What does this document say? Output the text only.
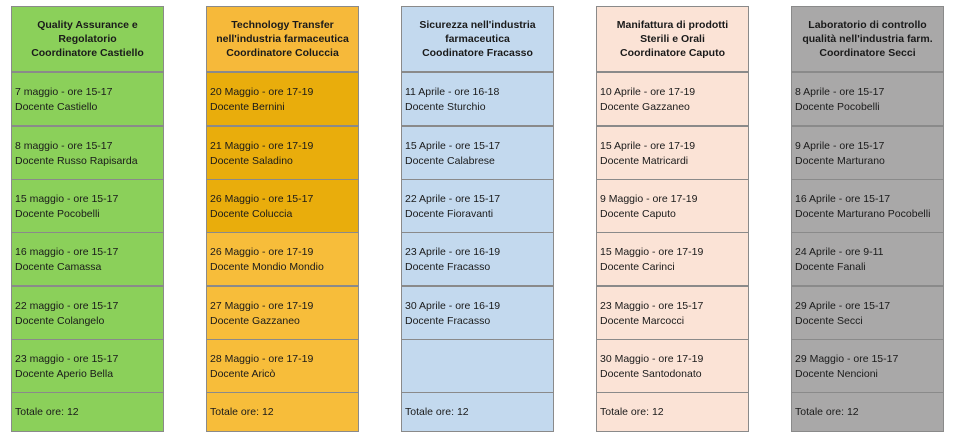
Quality Assurance e
Regolatorio
Coordinatore Castiello
7 maggio - ore 15-17
Docente Castiello
8 maggio - ore 15-17
Docente Russo Rapisarda
15 maggio - ore 15-17
Docente Pocobelli
16 maggio - ore 15-17
Docente Camassa
22 maggio - ore 15-17
Docente Colangelo
23 maggio - ore 15-17
Docente Aperio Bella
Totale ore: 12
Technology Transfer
nell'industria farmaceutica
Coordinatore Coluccia
20 Maggio - ore 17-19
Docente Bernini
21 Maggio - ore 17-19
Docente Saladino
26 Maggio - ore 15-17
Docente Coluccia
26 Maggio - ore 17-19
Docente Mondio Mondio
27 Maggio - ore 17-19
Docente Gazzaneo
28 Maggio - ore 17-19
Docente Aricò
Totale ore: 12
Sicurezza nell'industria
farmaceutica
Coodinatore Fracasso
11 Aprile - ore 16-18
Docente Sturchio
15 Aprile - ore 15-17
Docente Calabrese
22 Aprile - ore 15-17
Docente Fioravanti
23 Aprile - ore 16-19
Docente Fracasso
30 Aprile - ore 16-19
Docente Fracasso
Totale ore: 12
Manifattura di prodotti
Sterili e Orali
Coordinatore Caputo
10 Aprile - ore 17-19
Docente Gazzaneo
15 Aprile - ore 17-19
Docente Matricardi
9 Maggio - ore 17-19
Docente Caputo
15 Maggio - ore 17-19
Docente Carinci
23 Maggio - ore 15-17
Docente Marcocci
30 Maggio - ore 17-19
Docente Santodonato
Totale ore: 12
Laboratorio di controllo
qualità nell'industria farm.
Coordinatore Secci
8 Aprile - ore 15-17
Docente Pocobelli
9 Aprile - ore 15-17
Docente Marturano
16 Aprile - ore 15-17
Docente Marturano Pocobelli
24 Aprile - ore 9-11
Docente Fanali
29 Aprile - ore 15-17
Docente Secci
29 Maggio - ore 15-17
Docente Nencioni
Totale ore: 12
